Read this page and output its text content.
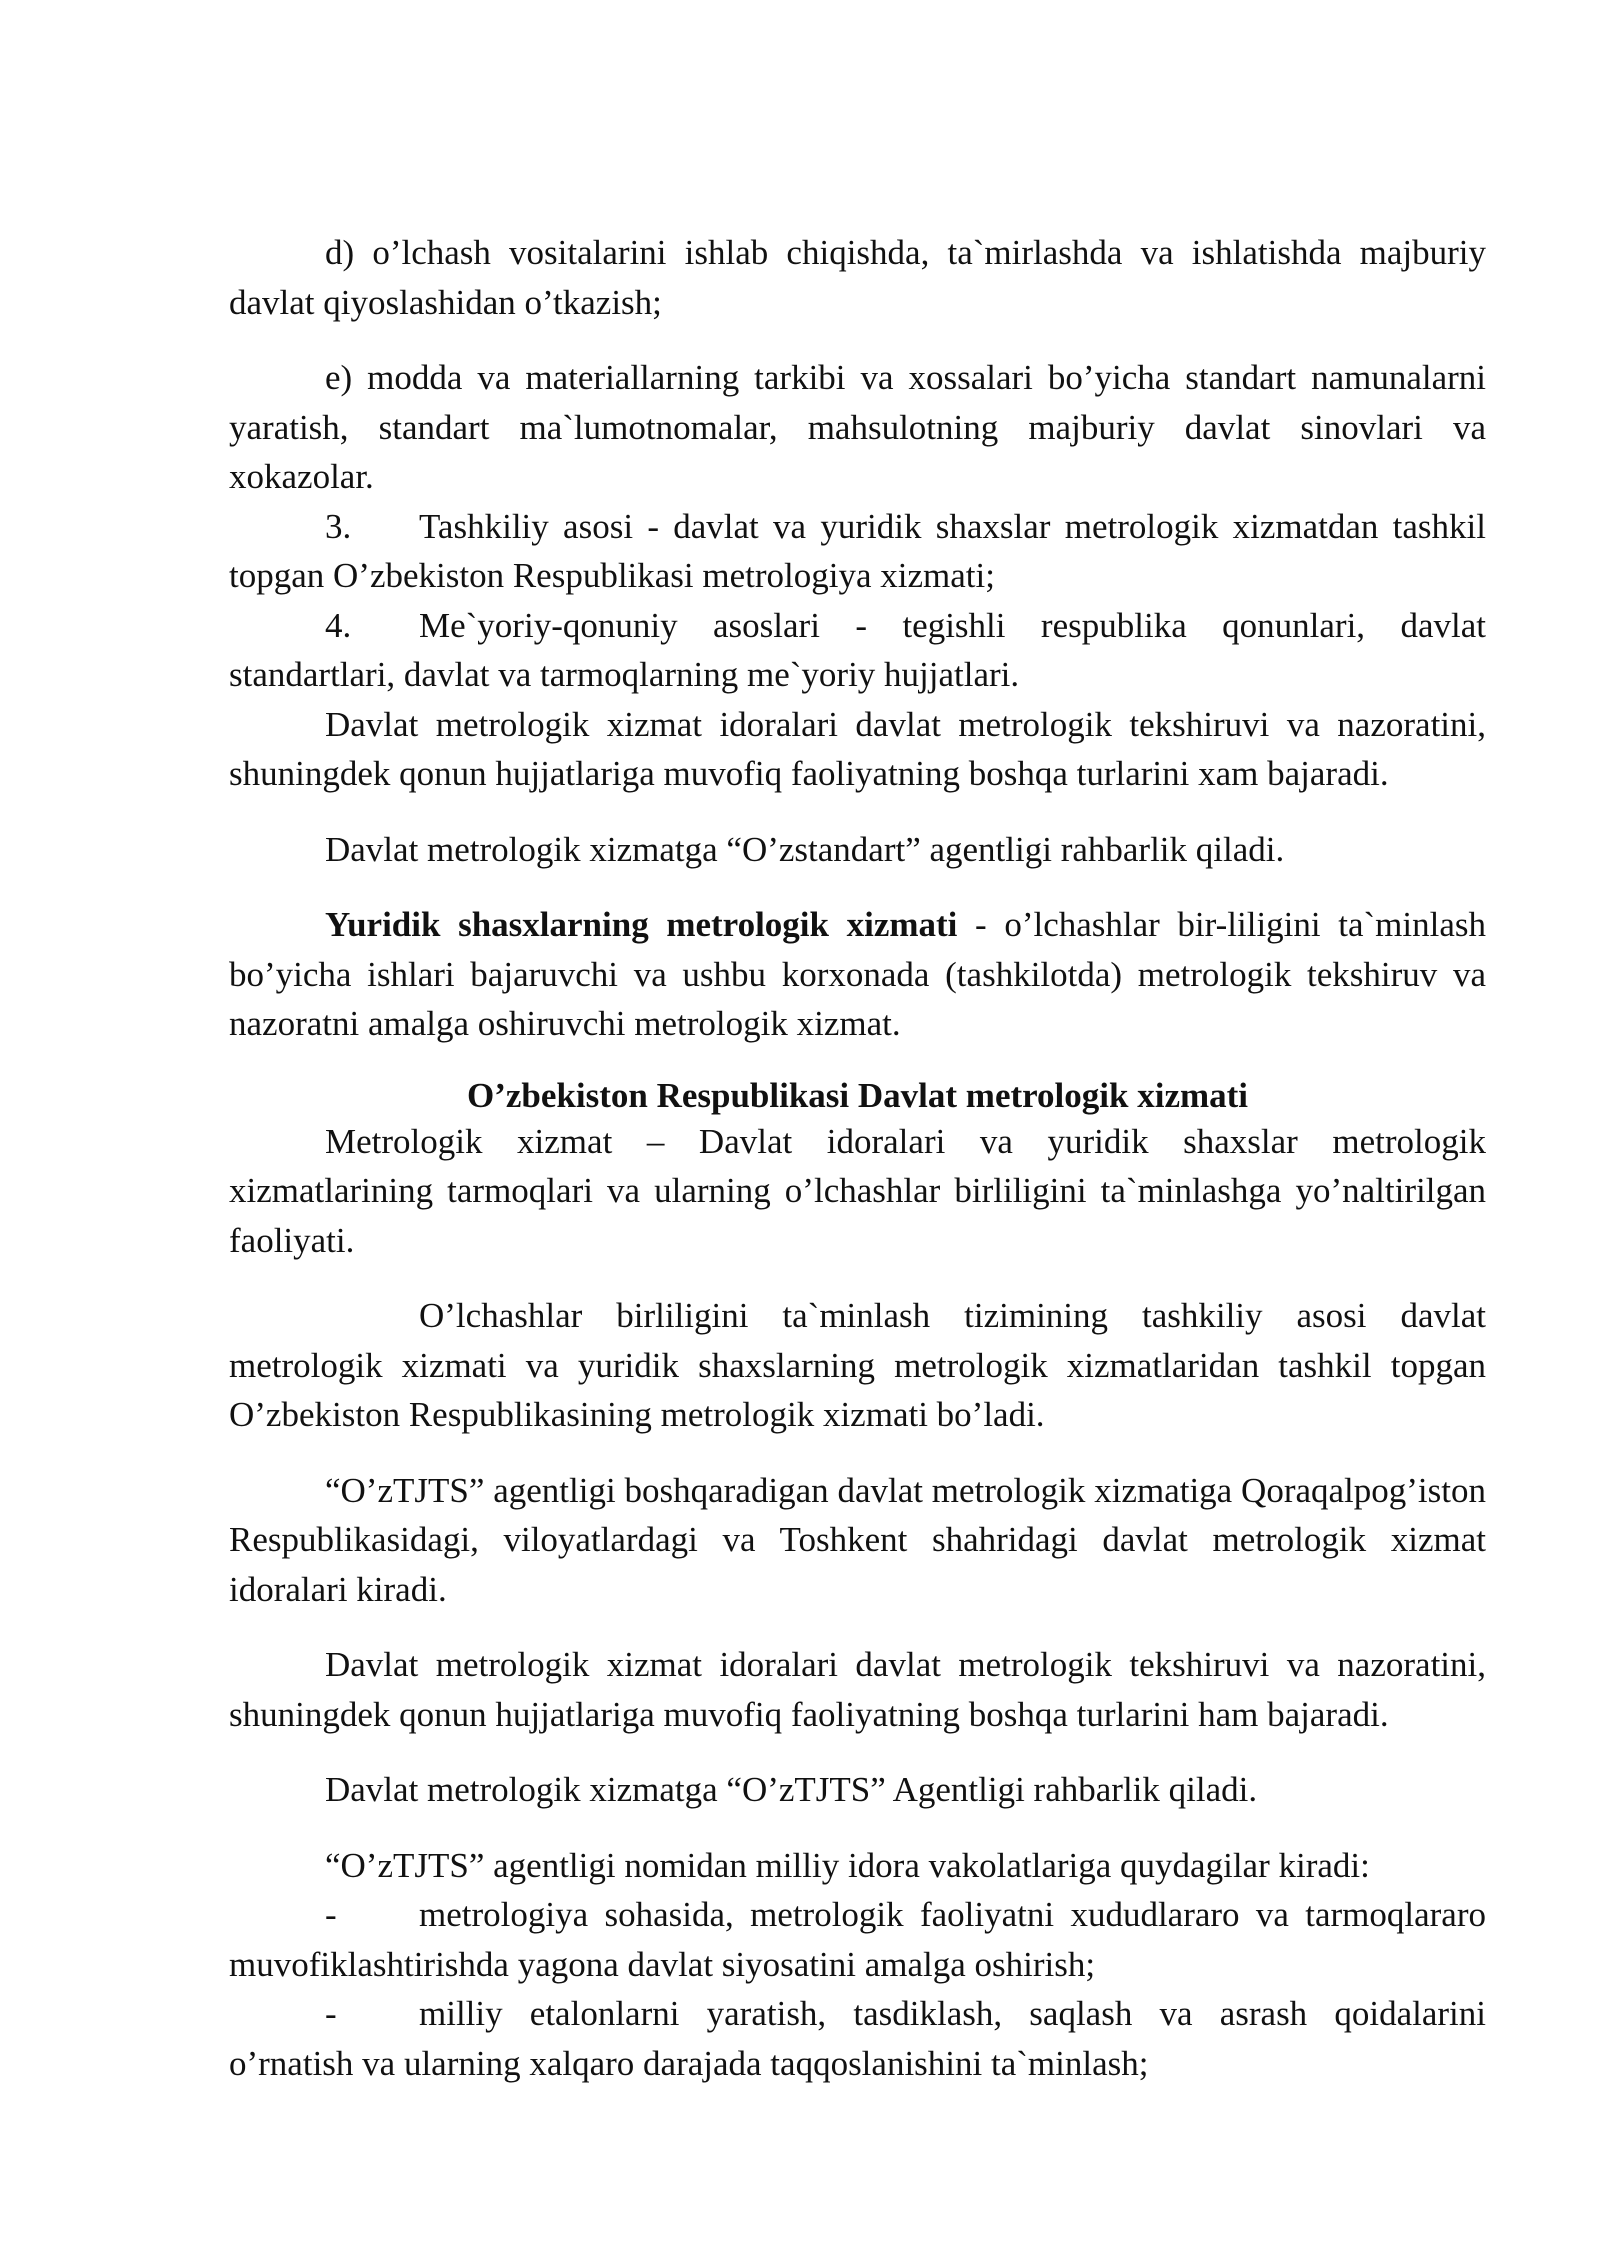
d) o’lchash vositalarini ishlab chiqishda, ta`mirlashda va ishlatishda majburiy davlat qiyoslashidan o’tkazish;

e) modda va materiallarning tarkibi va xossalari bo’yicha standart namunalarni yaratish, standart ma`lumotnomalar, mahsulotning majburiy davlat sinovlari va xokazolar.

3. Tashkiliy asosi - davlat va yuridik shaxslar metrologik xizmatdan tashkil topgan O’zbekiston Respublikasi metrologiya xizmati;

4. Me`yoriy-qonuniy asoslari - tegishli respublika qonunlari, davlat standartlari, davlat va tarmoqlarning me`yoriy hujjatlari.

Davlat metrologik xizmat idoralari davlat metrologik tekshiruvi va nazoratini, shuningdek qonun hujjatlariga muvofiq faoliyatning boshqa turlarini xam bajaradi.

Davlat metrologik xizmatga “O’zstandart” agentligi rahbarlik qiladi.

Yuridik shasxlarning metrologik xizmati - o’lchashlar bir-liligini ta`minlash bo’yicha ishlari bajaruvchi va ushbu korxonada (tashkilotda) metrologik tekshiruv va nazoratni amalga oshiruvchi metrologik xizmat.

O’zbekiston Respublikasi Davlat metrologik xizmati

Metrologik xizmat – Davlat idoralari va yuridik shaxslar metrologik xizmatlarining tarmoqlari va ularning o’lchashlar birliligini ta`minlashga yo’naltirilgan faoliyati.

O’lchashlar birliligini ta`minlash tizimining tashkiliy asosi davlat metrologik xizmati va yuridik shaxslarning metrologik xizmatlaridan tashkil topgan O’zbekiston Respublikasining metrologik xizmati bo’ladi.

“O’zTJTS” agentligi boshqaradigan davlat metrologik xizmatiga Qoraqalpog’iston Respublikasidagi, viloyatlardagi va Toshkent shahridagi davlat metrologik xizmat idoralari kiradi.

Davlat metrologik xizmat idoralari davlat metrologik tekshiruvi va nazoratini, shuningdek qonun hujjatlariga muvofiq faoliyatning boshqa turlarini ham bajaradi.

Davlat metrologik xizmatga “O’zTJTS” Agentligi rahbarlik qiladi.

“O’zTJTS” agentligi nomidan milliy idora vakolatlariga quydagilar kiradi:

- metrologiya sohasida, metrologik faoliyatni xududlararo va tarmoqlararo muvofiklashtirishda yagona davlat siyosatini amalga oshirish;

- milliy etalonlarni yaratish, tasdiklash, saqlash va asrash qoidalarini o’rnatish va ularning xalqaro darajada taqqoslanishini ta`minlash;
